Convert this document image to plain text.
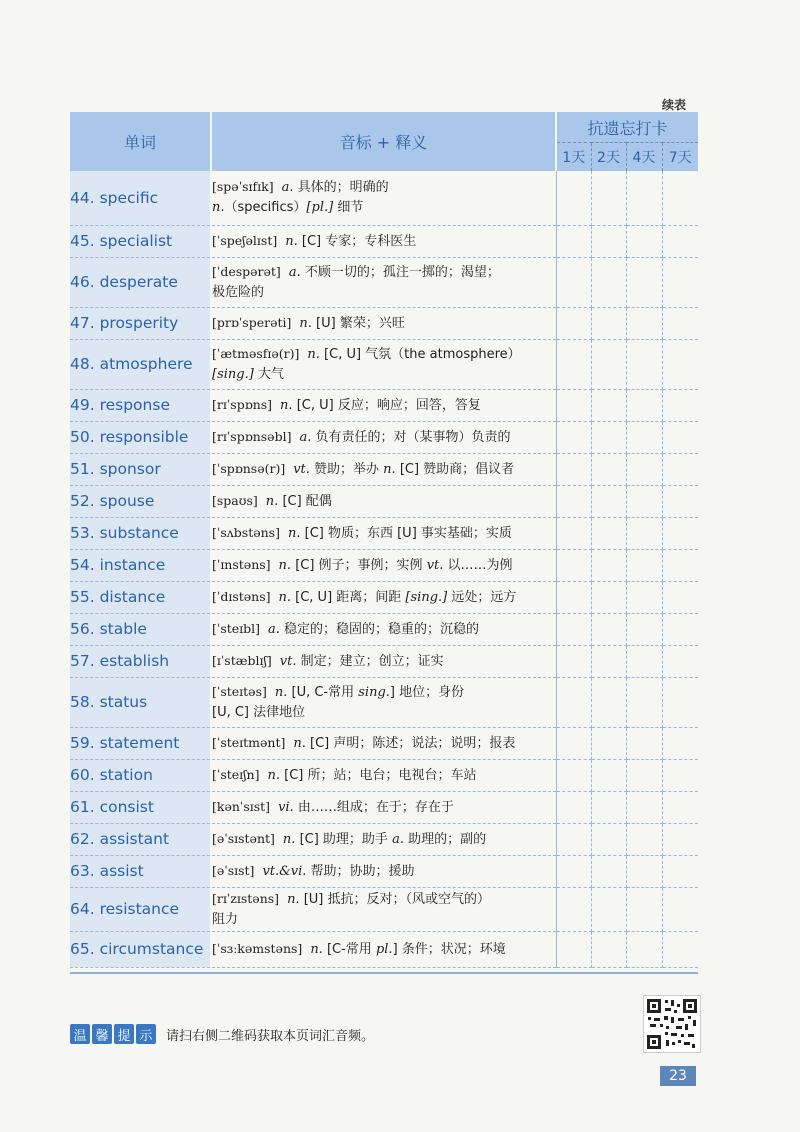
续表
单词	音标 + 释义	抗遗忘打卡			
		1天	2天	4天	7天
44. specific	[spəˈsɪfɪk] a. 具体的；明确的
n.（specifics）[pl.] 细节				

45. specialist	[ˈspeʃəlɪst] n. [C] 专家；专科医生				

46. desperate	[ˈdespərət] a. 不顾一切的；孤注一掷的；渴望；
极危险的				

47. prosperity	[prɒˈsperəti] n. [U] 繁荣；兴旺				

48. atmosphere	[ˈætməsfɪə(r)] n. [C, U] 气氛（the atmosphere）
[sing.] 大气				

49. response	[rɪˈspɒns] n. [C, U] 反应；响应；回答，答复				

50. responsible	[rɪˈspɒnsəbl] a. 负有责任的；对（某事物）负责的				

51. sponsor	[ˈspɒnsə(r)] vt. 赞助；举办 n. [C] 赞助商；倡议者				

52. spouse	[spaʊs] n. [C] 配偶				

53. substance	[ˈsʌbstəns] n. [C] 物质；东西 [U] 事实基础；实质				

54. instance	[ˈɪnstəns] n. [C] 例子；事例；实例 vt. 以……为例				

55. distance	[ˈdɪstəns] n. [C, U] 距离；间距 [sing.] 远处；远方				

56. stable	[ˈsteɪbl] a. 稳定的；稳固的；稳重的；沉稳的				

57. establish	[ɪˈstæblɪʃ] vt. 制定；建立；创立；证实				

58. status	[ˈsteɪtəs] n. [U, C-常用 sing.] 地位；身份
[U, C] 法律地位				

59. statement	[ˈsteɪtmənt] n. [C] 声明；陈述；说法；说明；报表				

60. station	[ˈsteɪʃn] n. [C] 所；站；电台；电视台；车站				

61. consist	[kənˈsɪst] vi. 由……组成；在于；存在于				

62. assistant	[əˈsɪstənt] n. [C] 助理；助手 a. 助理的；副的				

63. assist	[əˈsɪst] vt.&vi. 帮助；协助；援助				

64. resistance	[rɪˈzɪstəns] n. [U] 抵抗；反对；（风或空气的）
阻力				

65. circumstance	[ˈsɜːkəmstəns] n. [C-常用 pl.] 条件；状况；环境				

温 馨 提 示 请扫右侧二维码获取本页词汇音频。
23
